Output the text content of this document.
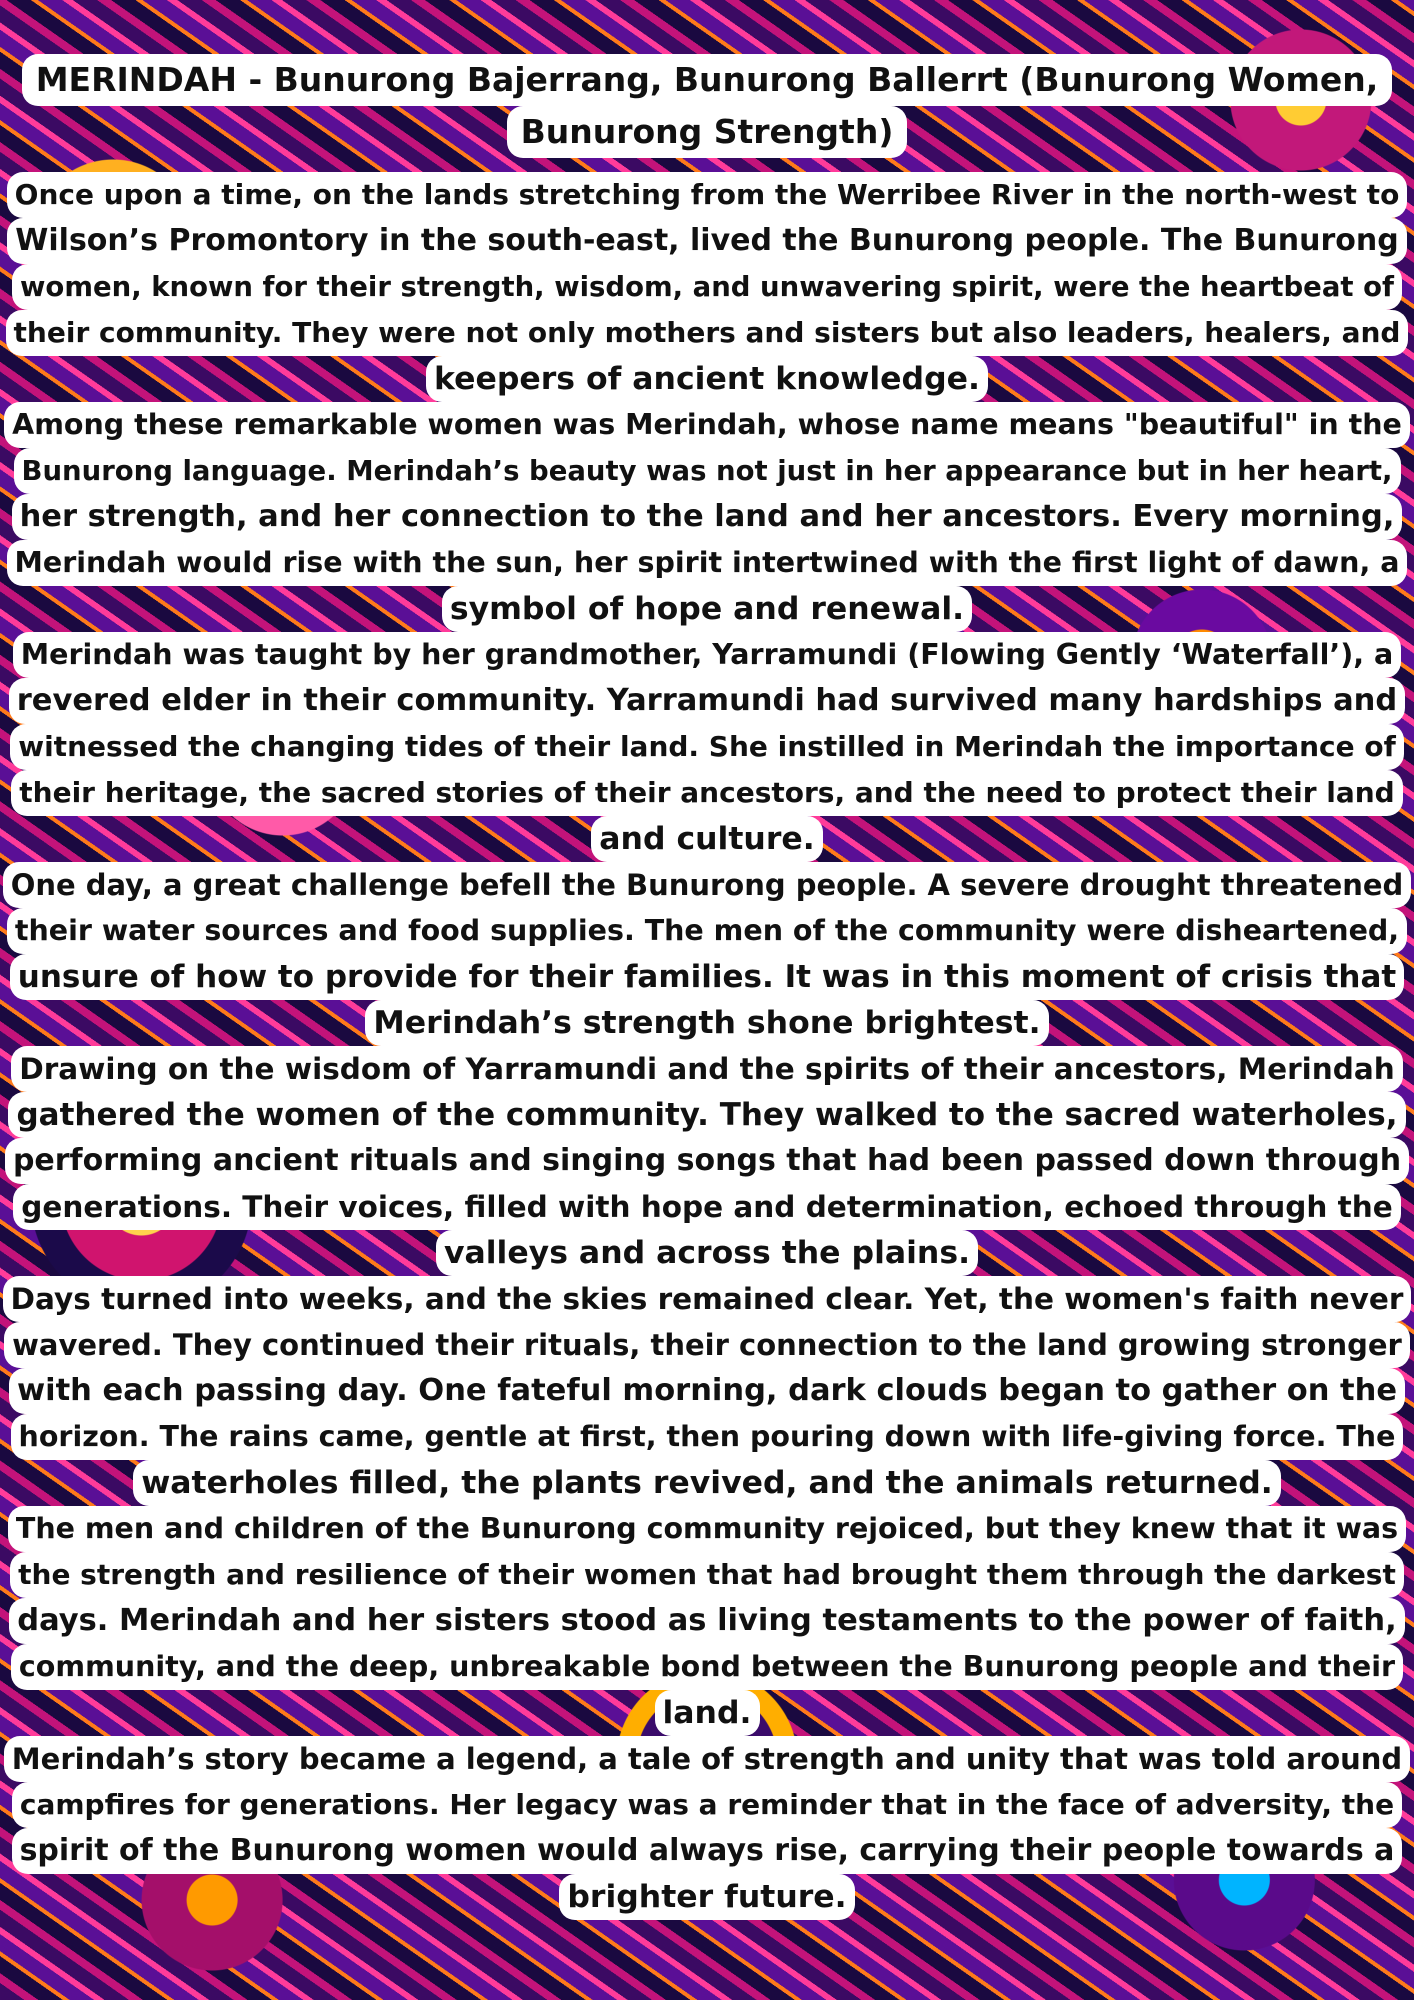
MERINDAH - Bunurong Bajerrang, Bunurong Ballerrt (Bunurong Women,
Bunurong Strength)
Once upon a time, on the lands stretching from the Werribee River in the north-west to
Wilson’s Promontory in the south-east, lived the Bunurong people. The Bunurong
women, known for their strength, wisdom, and unwavering spirit, were the heartbeat of
their community. They were not only mothers and sisters but also leaders, healers, and
keepers of ancient knowledge.
Among these remarkable women was Merindah, whose name means "beautiful" in the
Bunurong language. Merindah’s beauty was not just in her appearance but in her heart,
her strength, and her connection to the land and her ancestors. Every morning,
Merindah would rise with the sun, her spirit intertwined with the first light of dawn, a
symbol of hope and renewal.
Merindah was taught by her grandmother, Yarramundi (Flowing Gently ‘Waterfall’), a
revered elder in their community. Yarramundi had survived many hardships and
witnessed the changing tides of their land. She instilled in Merindah the importance of
their heritage, the sacred stories of their ancestors, and the need to protect their land
and culture.
One day, a great challenge befell the Bunurong people. A severe drought threatened
their water sources and food supplies. The men of the community were disheartened,
unsure of how to provide for their families. It was in this moment of crisis that
Merindah’s strength shone brightest.
Drawing on the wisdom of Yarramundi and the spirits of their ancestors, Merindah
gathered the women of the community. They walked to the sacred waterholes,
performing ancient rituals and singing songs that had been passed down through
generations. Their voices, filled with hope and determination, echoed through the
valleys and across the plains.
Days turned into weeks, and the skies remained clear. Yet, the women's faith never
wavered. They continued their rituals, their connection to the land growing stronger
with each passing day. One fateful morning, dark clouds began to gather on the
horizon. The rains came, gentle at first, then pouring down with life-giving force. The
waterholes filled, the plants revived, and the animals returned.
The men and children of the Bunurong community rejoiced, but they knew that it was
the strength and resilience of their women that had brought them through the darkest
days. Merindah and her sisters stood as living testaments to the power of faith,
community, and the deep, unbreakable bond between the Bunurong people and their
land.
Merindah’s story became a legend, a tale of strength and unity that was told around
campfires for generations. Her legacy was a reminder that in the face of adversity, the
spirit of the Bunurong women would always rise, carrying their people towards a
brighter future.
